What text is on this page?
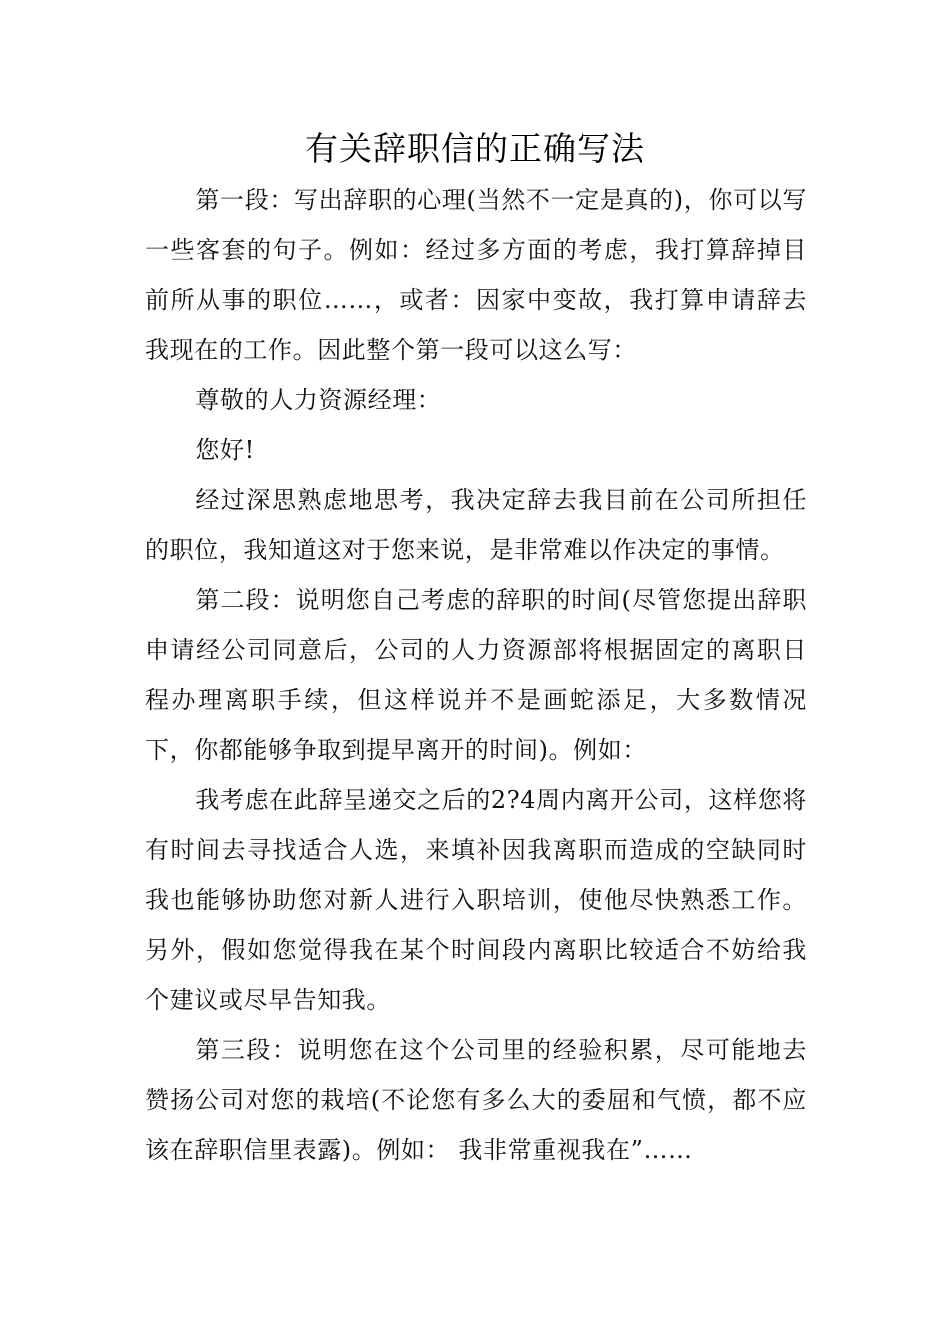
有关辞职信的正确写法

第一段：写出辞职的心理(当然不一定是真的)，你可以写一些客套的句子。例如：经过多方面的考虑，我打算辞掉目前所从事的职位……，或者：因家中变故，我打算申请辞去我现在的工作。因此整个第一段可以这么写：

尊敬的人力资源经理：

您好!

经过深思熟虑地思考，我决定辞去我目前在公司所担任的职位，我知道这对于您来说，是非常难以作决定的事情。

第二段：说明您自己考虑的辞职的时间(尽管您提出辞职申请经公司同意后，公司的人力资源部将根据固定的离职日程办理离职手续，但这样说并不是画蛇添足，大多数情况下，你都能够争取到提早离开的时间)。例如：

我考虑在此辞呈递交之后的2?4周内离开公司，这样您将有时间去寻找适合人选，来填补因我离职而造成的空缺同时我也能够协助您对新人进行入职培训，使他尽快熟悉工作。另外，假如您觉得我在某个时间段内离职比较适合不妨给我个建议或尽早告知我。

第三段：说明您在这个公司里的经验积累，尽可能地去赞扬公司对您的栽培(不论您有多么大的委屈和气愤，都不应该在辞职信里表露)。例如： 我非常重视我在”……
